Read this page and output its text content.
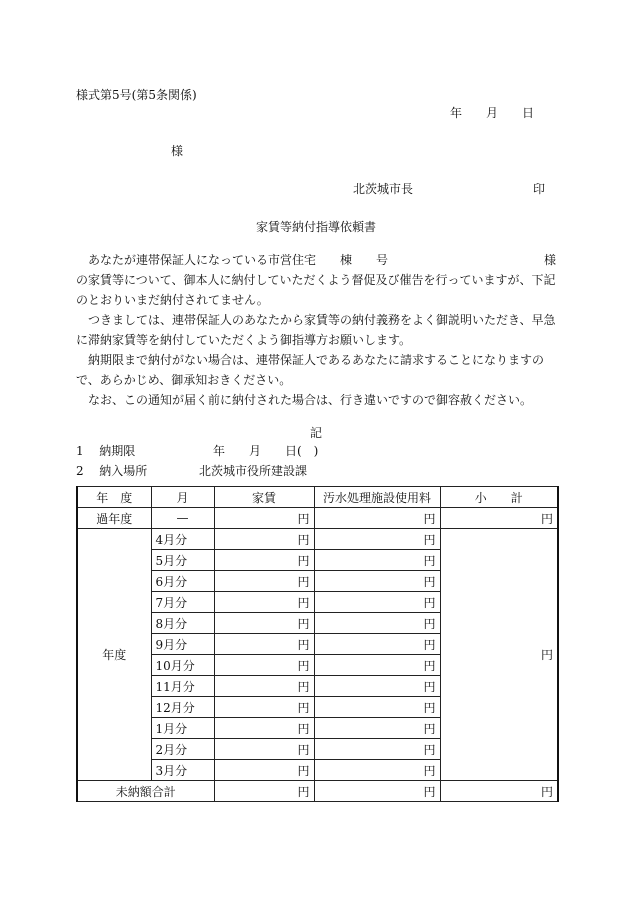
様式第5号(第5条関係)
年　　月　　日
様
北茨城市長	印
家賃等納付指導依頼書

　あなたが連帯保証人になっている市営住宅　　棟　　号　　　　　　　　　　　　　様の家賃等について、御本人に納付していただくよう督促及び催告を行っていますが、下記のとおりいまだ納付されてません。

　つきましては、連帯保証人のあなたから家賃等の納付義務をよく御説明いただき、早急に滞納家賃等を納付していただくよう御指導方お願いします。

　納期限まで納付がない場合は、連帯保証人であるあなたに請求することになりますので、あらかじめ、御承知おきください。

　なお、この通知が届く前に納付された場合は、行き違いですので御容赦ください。

記
1 納期限	年　　月　　日(　)
2 納入場所	北茨城市役所建設課
年　度	月	家賃	汚水処理施設使用料	小　　計
過年度	—	円	円	円
年度	4月分	円	円	円
	5月分	円	円	
	6月分	円	円	
	7月分	円	円	
	8月分	円	円	
	9月分	円	円	
	10月分	円	円	
	11月分	円	円	
	12月分	円	円	
	1月分	円	円	
	2月分	円	円	
	3月分	円	円	
未納額合計		円	円	円
